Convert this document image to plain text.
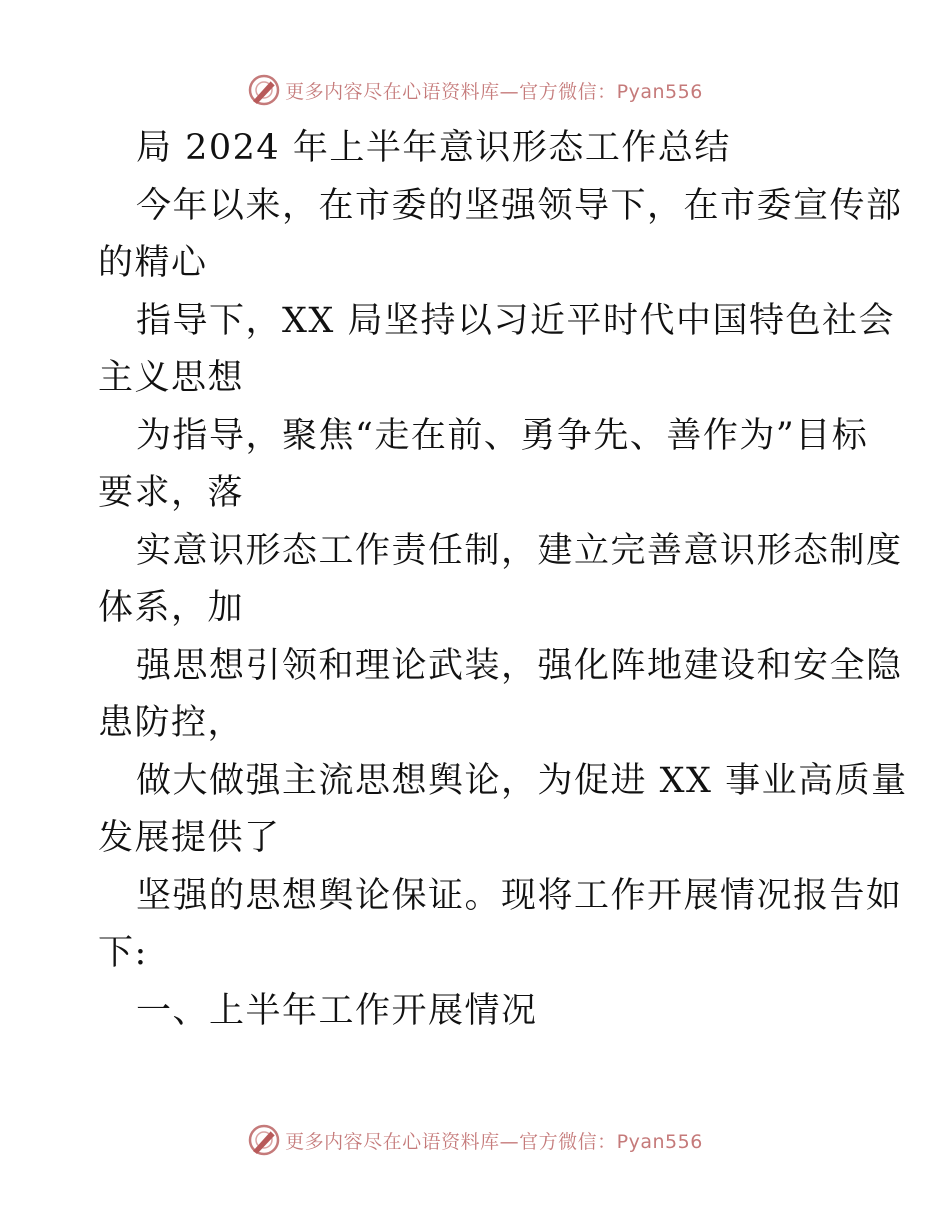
更多内容尽在心语资料库—官方微信：Pyan556
局 2024 年上半年意识形态工作总结
今年以来，在市委的坚强领导下，在市委宣传部
的精心
指导下，XX 局坚持以习近平时代中国特色社会
主义思想
为指导，聚焦“走在前、勇争先、善作为”目标
要求，落
实意识形态工作责任制，建立完善意识形态制度
体系，加
强思想引领和理论武装，强化阵地建设和安全隐
患防控，
做大做强主流思想舆论，为促进 XX 事业高质量
发展提供了
坚强的思想舆论保证。现将工作开展情况报告如
下:
一、上半年工作开展情况
更多内容尽在心语资料库—官方微信：Pyan556
